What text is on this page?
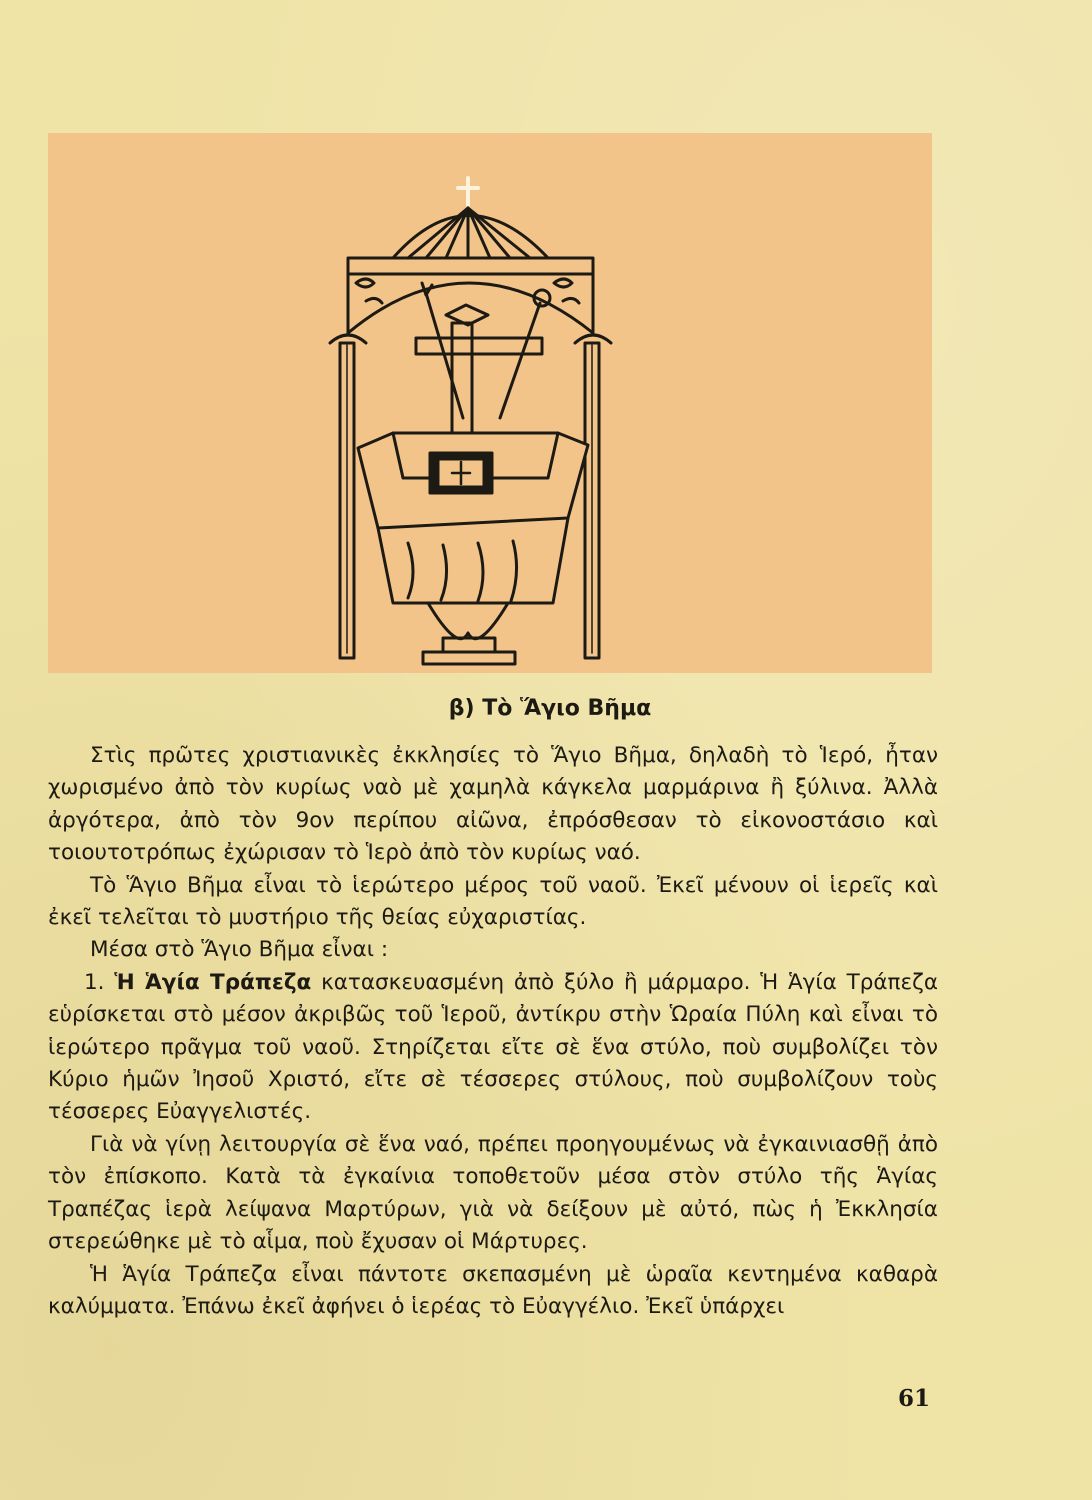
β) Τὸ Ἅγιο Βῆμα

Στὶς πρῶτες χριστιανικὲς ἐκκλησίες τὸ Ἅγιο Βῆμα, δηλαδὴ τὸ Ἱερό, ἦταν χωρισμένο ἀπὸ τὸν κυρίως ναὸ μὲ χαμηλὰ κάγκελα μαρμάρινα ἢ ξύλινα. Ἀλλὰ ἀργότερα, ἀπὸ τὸν 9ον περίπου αἰῶνα, ἐπρόσθεσαν τὸ εἰκονοστάσιο καὶ τοιουτοτρόπως ἐχώρισαν τὸ Ἱερὸ ἀπὸ τὸν κυρίως ναό.

Τὸ Ἅγιο Βῆμα εἶναι τὸ ἱερώτερο μέρος τοῦ ναοῦ. Ἐκεῖ μένουν οἱ ἱερεῖς καὶ ἐκεῖ τελεῖται τὸ μυστήριο τῆς θείας εὐχαριστίας.

Μέσα στὸ Ἅγιο Βῆμα εἶναι :

1. Ἡ Ἁγία Τράπεζα κατασκευασμένη ἀπὸ ξύλο ἢ μάρμαρο. Ἡ Ἁγία Τράπεζα εὑρίσκεται στὸ μέσον ἀκριβῶς τοῦ Ἱεροῦ, ἀντίκρυ στὴν Ὡραία Πύλη καὶ εἶναι τὸ ἱερώτερο πρᾶγμα τοῦ ναοῦ. Στηρίζεται εἴτε σὲ ἕνα στύλο, ποὺ συμβολίζει τὸν Κύριο ἡμῶν Ἰησοῦ Χριστό, εἴτε σὲ τέσσερες στύλους, ποὺ συμβολίζουν τοὺς τέσσερες Εὐαγγελιστές.

Γιὰ νὰ γίνῃ λειτουργία σὲ ἕνα ναό, πρέπει προηγουμένως νὰ ἐγκαινιασθῇ ἀπὸ τὸν ἐπίσκοπο. Κατὰ τὰ ἐγκαίνια τοποθετοῦν μέσα στὸν στύλο τῆς Ἁγίας Τραπέζας ἱερὰ λείψανα Μαρτύρων, γιὰ νὰ δείξουν μὲ αὐτό, πὼς ἡ Ἐκκλησία στερεώθηκε μὲ τὸ αἷμα, ποὺ ἔχυσαν οἱ Μάρτυρες.

Ἡ Ἁγία Τράπεζα εἶναι πάντοτε σκεπασμένη μὲ ὡραῖα κεντημένα καθαρὰ καλύμματα. Ἐπάνω ἐκεῖ ἀφήνει ὁ ἱερέας τὸ Εὐαγγέλιο. Ἐκεῖ ὑπάρχει

61
